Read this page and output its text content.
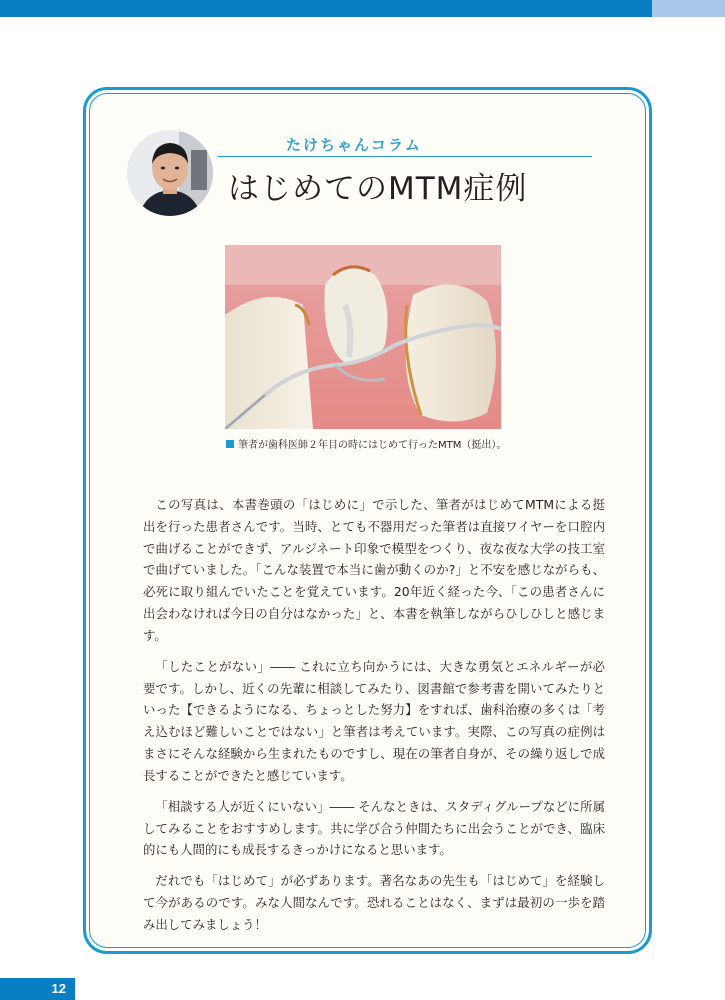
たけちゃんコラム
はじめてのMTM症例
筆者が歯科医師２年目の時にはじめて行ったMTM（挺出）。

この写真は、本書巻頭の「はじめに」で示した、筆者がはじめてMTMによる挺出を行った患者さんです。当時、とても不器用だった筆者は直接ワイヤーを口腔内で曲げることができず、アルジネート印象で模型をつくり、夜な夜な大学の技工室で曲げていました。「こんな装置で本当に歯が動くのか?」と不安を感じながらも、必死に取り組んでいたことを覚えています。20年近く経った今、「この患者さんに出会わなければ今日の自分はなかった」と、本書を執筆しながらひしひしと感じます。

「したことがない」―― これに立ち向かうには、大きな勇気とエネルギーが必要です。しかし、近くの先輩に相談してみたり、図書館で参考書を開いてみたりといった【できるようになる、ちょっとした努力】をすれば、歯科治療の多くは「考え込むほど難しいことではない」と筆者は考えています。実際、この写真の症例はまさにそんな経験から生まれたものですし、現在の筆者自身が、その繰り返しで成長することができたと感じています。

「相談する人が近くにいない」―― そんなときは、スタディグループなどに所属してみることをおすすめします。共に学び合う仲間たちに出会うことができ、臨床的にも人間的にも成長するきっかけになると思います。

だれでも「はじめて」が必ずあります。著名なあの先生も「はじめて」を経験して今があるのです。みな人間なんです。恐れることはなく、まずは最初の一歩を踏み出してみましょう！

12
